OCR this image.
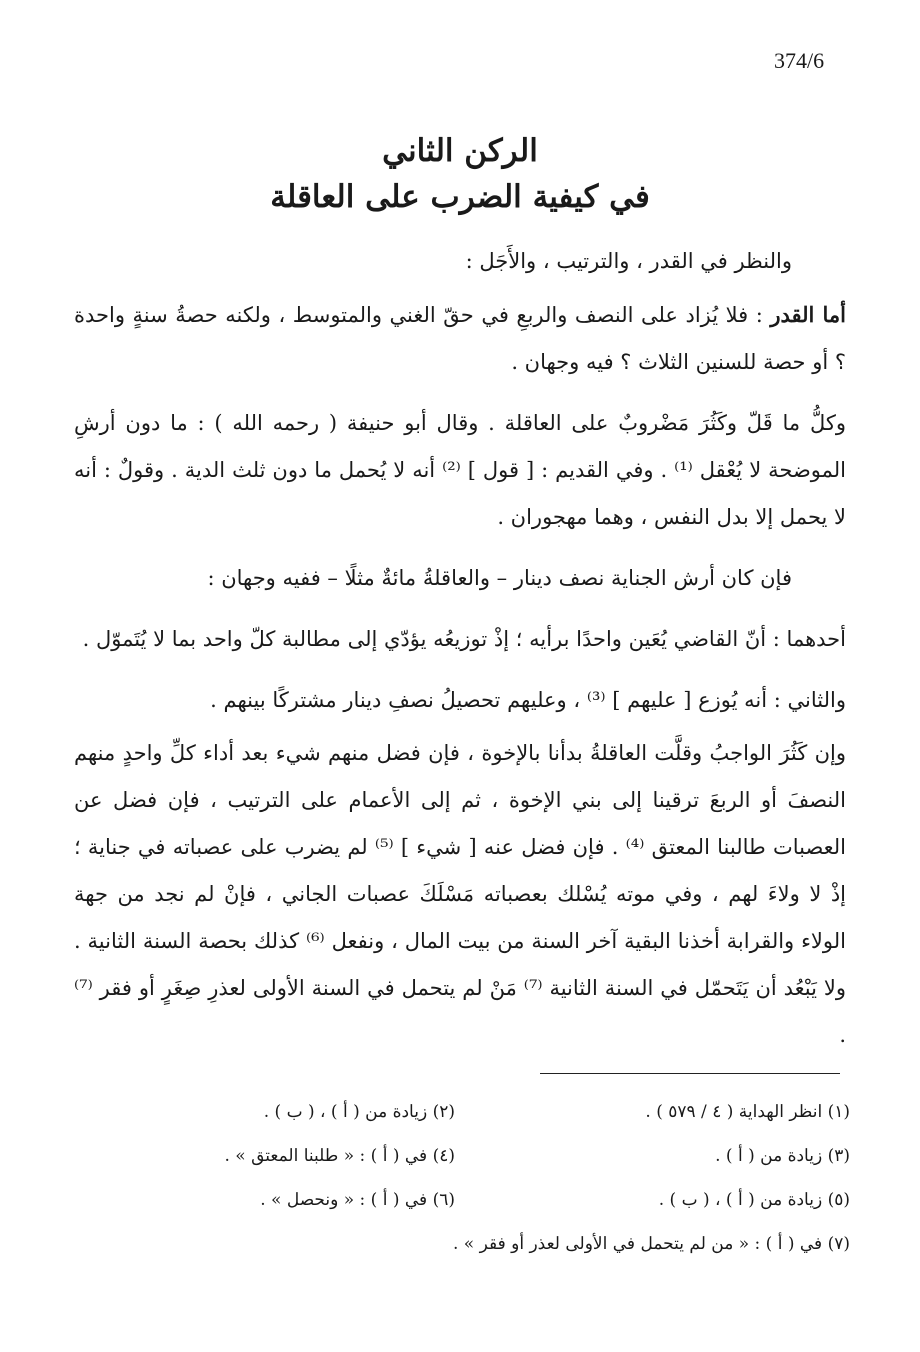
374/6
الركن الثاني
في كيفية الضرب على العاقلة

والنظر في القدر ، والترتيب ، والأَجَل :

أما القدر : فلا يُزاد على النصف والربعِ في حقّ الغني والمتوسط ، ولكنه حصةُ سنةٍ واحدة ؟ أو حصة للسنين الثلاث ؟ فيه وجهان .

وكلُّ ما قَلّ وكَثُرَ مَضْروبٌ على العاقلة . وقال أبو حنيفة ( رحمه الله ) : ما دون أرشِ الموضحة لا يُعْقل ⁽¹⁾ . وفي القديم : [ قول ] ⁽²⁾ أنه لا يُحمل ما دون ثلث الدية . وقولٌ : أنه لا يحمل إلا بدل النفس ، وهما مهجوران .

فإن كان أرش الجناية نصف دينار – والعاقلةُ مائةٌ مثلًا – ففيه وجهان :

أحدهما : أنّ القاضي يُعَين واحدًا برأيه ؛ إذْ توزيعُه يؤدّي إلى مطالبة كلّ واحد بما لا يُتَموّل .

والثاني : أنه يُوزع [ عليهم ] ⁽³⁾ ، وعليهم تحصيلُ نصفِ دينار مشتركًا بينهم .

وإن كَثُرَ الواجبُ وقلَّت العاقلةُ بدأنا بالإخوة ، فإن فضل منهم شيء بعد أداء كلِّ واحدٍ منهم النصفَ أو الربعَ ترقينا إلى بني الإخوة ، ثم إلى الأعمام على الترتيب ، فإن فضل عن العصبات طالبنا المعتق ⁽⁴⁾ . فإن فضل عنه [ شيء ] ⁽⁵⁾ لم يضرب على عصباته في جناية ؛ إذْ لا ولاءَ لهم ، وفي موته يُسْلك بعصباته مَسْلَكَ عصبات الجاني ، فإنْ لم نجد من جهة الولاء والقرابة أخذنا البقية آخر السنة من بيت المال ، ونفعل ⁽⁶⁾ كذلك بحصة السنة الثانية . ولا يَبْعُد أن يَتَحمّل في السنة الثانية ⁽⁷⁾ مَنْ لم يتحمل في السنة الأولى لعذرِ صِغَرٍ أو فقر ⁽⁷⁾ .

(١) انظر الهداية ( ٤ / ٥٧٩ ) .
(٢) زيادة من ( أ ) ، ( ب ) .
(٣) زيادة من ( أ ) .
(٤) في ( أ ) : « طلبنا المعتق » .
(٥) زيادة من ( أ ) ، ( ب ) .
(٦) في ( أ ) : « ونحصل » .
(٧) في ( أ ) : « من لم يتحمل في الأولى لعذر أو فقر » .
